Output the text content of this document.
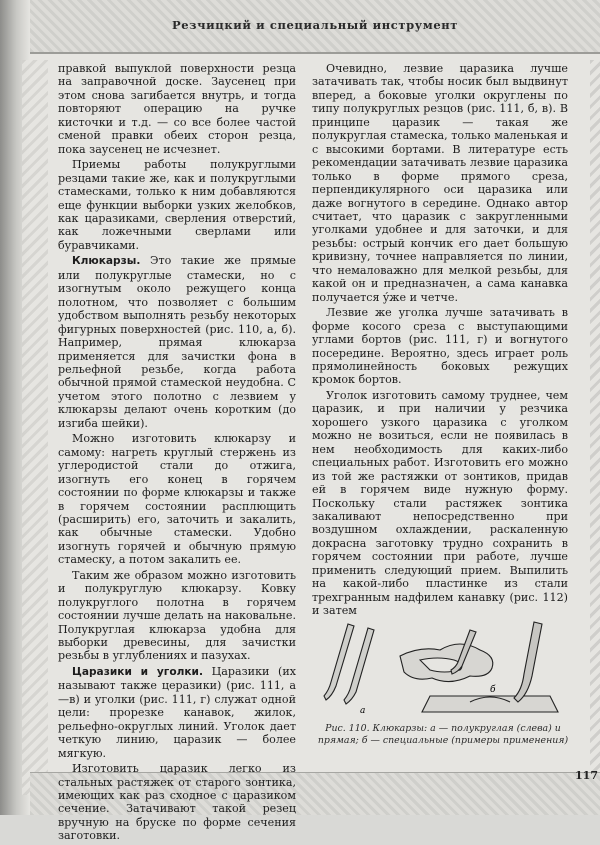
Резчицкий и специальный инструмент
117

правкой выпуклой поверхности резца на заправочной доске. Заусенец при этом снова загибается внутрь, и тогда повторяют операцию на ручке кисточки и т.д. — со все более частой сменой правки обеих сторон резца, пока заусенец не исчезнет.

Приемы работы полукруглыми резцами такие же, как и полукруглыми стамесками, только к ним добавляются еще функции выборки узких желобков, как царазиками, сверления отверстий, как ложечными сверлами или буравчиками.

Клюкарзы. Это такие же прямые или полукруглые стамески, но с изогнутым около режущего конца полотном, что позволяет с большим удобством выполнять резьбу некоторых фигурных поверхностей (рис. 110, а, б). Например, прямая клюкарза применяется для зачистки фона в рельефной резьбе, когда работа обычной прямой стамеской неудобна. С учетом этого полотно с лезвием у клюкарзы делают очень коротким (до изгиба шейки).

Можно изготовить клюкарзу и самому: нагреть круглый стержень из углеродистой стали до отжига, изогнуть его конец в горячем состоянии по форме клюкарзы и также в горячем состоянии расплющить (расширить) его, заточить и закалить, как обычные стамески. Удобно изогнуть горячей и обычную прямую стамеску, а потом закалить ее.

Таким же образом можно изготовить и полукруглую клюкарзу. Ковку полукруглого полотна в горячем состоянии лучше делать на наковальне. Полукруглая клюкарза удобна для выборки древесины, для зачистки резьбы в углублениях и пазухах.

Царазики и уголки. Царазики (их называют также церазики) (рис. 111, а—в) и уголки (рис. 111, г) служат одной цели: прорезке канавок, жилок, рельефно-округлых линий. Уголок дает четкую линию, царазик — более мягкую.

Изготовить царазик легко из стальных растяжек от старого зонтика, имеющих как раз сходное с царазиком сечение. Затачивают такой резец вручную на бруске по форме сечения заготовки.

Очевидно, лезвие царазика лучше затачивать так, чтобы носик был выдвинут вперед, а боковые уголки округлены по типу полукруглых резцов (рис. 111, б, в). В принципе царазик — такая же полукруглая стамеска, только маленькая и с высокими бортами. В литературе есть рекомендации затачивать лезвие царазика только в форме прямого среза, перпендикулярного оси царазика или даже вогнутого в середине. Однако автор считает, что царазик с закругленными уголками удобнее и для заточки, и для резьбы: острый кончик его дает большую кривизну, точнее направляется по линии, что немаловажно для мелкой резьбы, для какой он и предназначен, а сама канавка получается ýже и четче.

Лезвие же уголка лучше затачивать в форме косого среза с выступающими углами бортов (рис. 111, г) и вогнутого посередине. Вероятно, здесь играет роль прямолинейность боковых режущих кромок бортов.

Уголок изготовить самому труднее, чем царазик, и при наличии у резчика хорошего узкого царазика с уголком можно не возиться, если не появилась в нем необходимость для каких-либо специальных работ. Изготовить его можно из той же растяжки от зонтиков, придав ей в горячем виде нужную форму. Поскольку стали растяжек зонтика закаливают непосредственно при воздушном охлаждении, раскаленную докрасна заготовку трудно сохранить в горячем состоянии при работе, лучше применить следующий прием. Выпилить на какой-либо пластинке из стали трехгранным надфилем канавку (рис. 112) и затем

а
б
Рис. 110. Клюкарзы: а — полукруглая (слева) и прямая; б — специальные (примеры применения)
